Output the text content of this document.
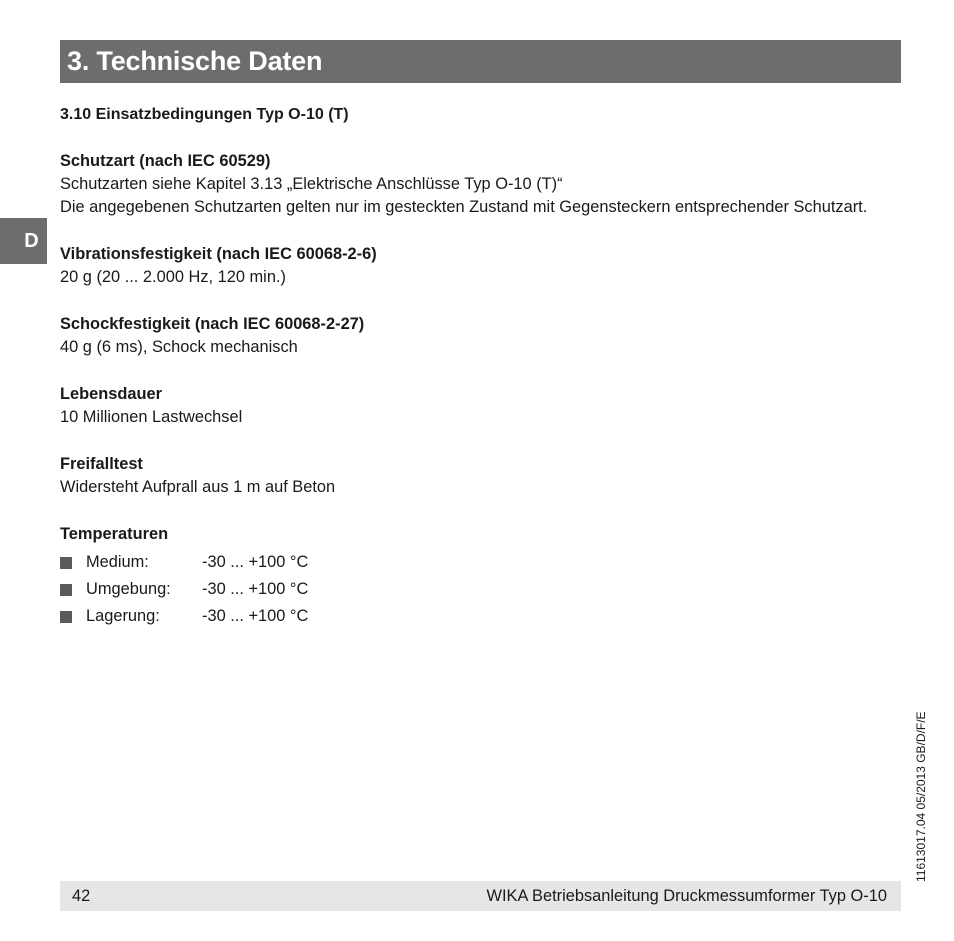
3. Technische Daten
D
3.10 Einsatzbedingungen Typ O-10 (T)
Schutzart (nach IEC 60529)
Schutzarten siehe Kapitel 3.13 „Elektrische Anschlüsse Typ O-10 (T)“
Die angegebenen Schutzarten gelten nur im gesteckten Zustand mit Gegensteckern entsprechender Schutzart.
Vibrationsfestigkeit (nach IEC 60068-2-6)
20 g (20 ... 2.000 Hz, 120 min.)
Schockfestigkeit (nach IEC 60068-2-27)
40 g (6 ms), Schock mechanisch
Lebensdauer
10 Millionen Lastwechsel
Freifalltest
Widersteht Aufprall aus 1 m auf Beton
Temperaturen
Medium:	-30 ... +100 °C
Umgebung:	-30 ... +100 °C
Lagerung:	-30 ... +100 °C
11613017.04 05/2013 GB/D/F/E
42	WIKA Betriebsanleitung Druckmessumformer Typ O-10
